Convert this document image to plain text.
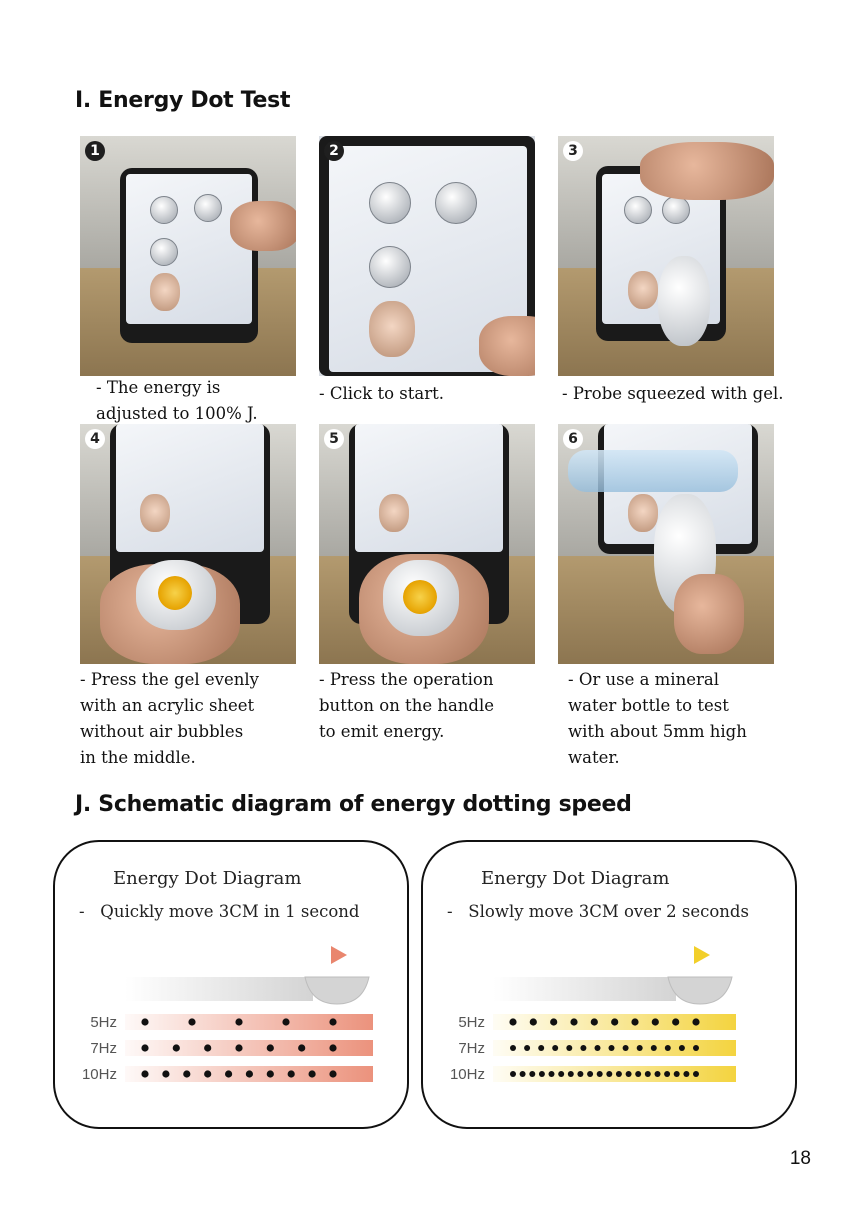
I. Energy Dot Test
1
- The energy is
adjusted to 100% J.
2
- Click to start.
3
- Probe squeezed with gel.
4
- Press the gel evenly
with an acrylic sheet
without air bubbles
in the middle.
5
- Press the operation
button on the handle
to emit energy.
6
- Or use a mineral
water bottle to test
with about 5mm high
water.
J. Schematic diagram of energy dotting speed
Energy Dot Diagram
-   Quickly move 3CM in 1 second
5Hz
7Hz
10Hz
Energy Dot Diagram
-   Slowly move 3CM over 2 seconds
5Hz
7Hz
10Hz
18
